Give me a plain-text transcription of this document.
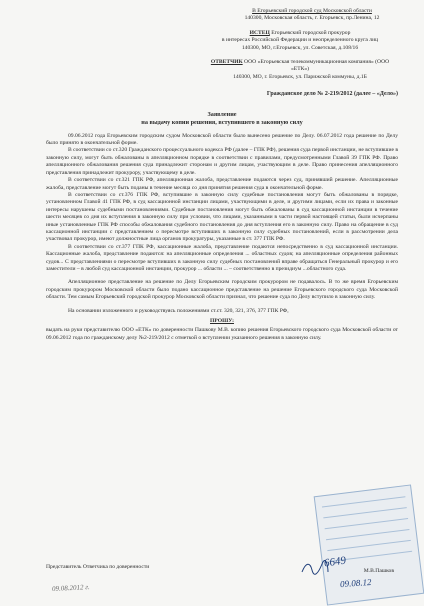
В Егорьевский городской суд Московской области
140300, Московская область, г. Егорьевск, пр.Ленина, 12
ИСТЕЦ Егорьевский городской прокурор
в интересах Российской Федерации и неопределенного круга лиц
140300, МО, г.Егорьевск, ул. Советская, д.108/16
ОТВЕТЧИК ООО «Егорьевская телекоммуникационная компания» (ООО «ЕТК»)
140300, МО, г. Егорьевск, ул. Парижской коммуны, д.1Б
Гражданское дело № 2-219/2012 (далее – «Дело»)
Заявление
на выдачу копии решения, вступившего в законную силу

09.06.2012 года Егорьевским городским судом Московской области было вынесено решение по Делу. 06.07.2012 года решение по Делу было принято в окончательной форме.

В соответствии со ст.320 Гражданского процессуального кодекса РФ (далее – ГПК РФ), решения суда первой инстанции, не вступившие в законную силу, могут быть обжалованы в апелляционном порядке в соответствии с правилами, предусмотренными Главой 39 ГПК РФ. Право апелляционного обжалования решения суда принадлежит сторонам и другим лицам, участвующим в деле. Право принесения апелляционного представления принадлежит прокурору, участвующему в деле.

В соответствии со ст.321 ГПК РФ, апелляционная жалоба, представление подаются через суд, принявший решение. Апелляционные жалоба, представление могут быть поданы в течение месяца со дня принятия решения суда в окончательной форме.

В соответствии со ст.376 ГПК РФ, вступившие в законную силу судебные постановления могут быть обжалованы в порядке, установленном Главой 41 ГПК РФ, в суд кассационной инстанции лицами, участвующими в деле, и другими лицами, если их права и законные интересы нарушены судебными постановлениями. Судебные постановления могут быть обжалованы в суд кассационной инстанции в течение шести месяцев со дня их вступления в законную силу при условии, что лицами, указанными в части первой настоящей статьи, были исчерпаны иные установленные ГПК РФ способы обжалования судебного постановления до дня вступления его в законную силу. Право на обращение в суд кассационной инстанции с представлением о пересмотре вступивших в законную силу судебных постановлений, если в рассмотрении дела участвовал прокурор, имеют должностные лица органов прокуратуры, указанные в ст. 377 ГПК РФ.

В соответствии со ст.377 ГПК РФ, кассационные жалоба, представление подаются непосредственно в суд кассационной инстанции. Кассационные жалоба, представление подаются: на апелляционные определения ... областных судов; на апелляционные определения районных судов... С представлениями о пересмотре вступивших в законную силу судебных постановлений вправе обращаться Генеральный прокурор и его заместители – в любой суд кассационной инстанции, прокурор ... области ... – соответственно в президиум ...областного суда.

Апелляционное представление на решение по Делу Егорьевским городским прокурором не подавалось. В то же время Егорьевским городским прокурором Московской области было подано кассационное представление на решение Егорьевского городского суда Московской области. Тем самым Егорьевский городской прокурор Московской области признал, что решение суда по Делу вступило в законную силу.

На основании изложенного и руководствуясь положениями ст.ст. 320, 321, 376, 377 ГПК РФ,

ПРОШУ:

выдать на руки представителю ООО «ЕТК» по доверенности Пашкову М.В. копию решения Егорьевского городского суда Московской области от 09.06.2012 года по гражданскому делу №2-219/2012 с отметкой о вступлении указанного решения в законную силу.

Представитель Ответчика по доверенности
М.В.Пашков
6649
09.08.12
09.08.2012 г.
